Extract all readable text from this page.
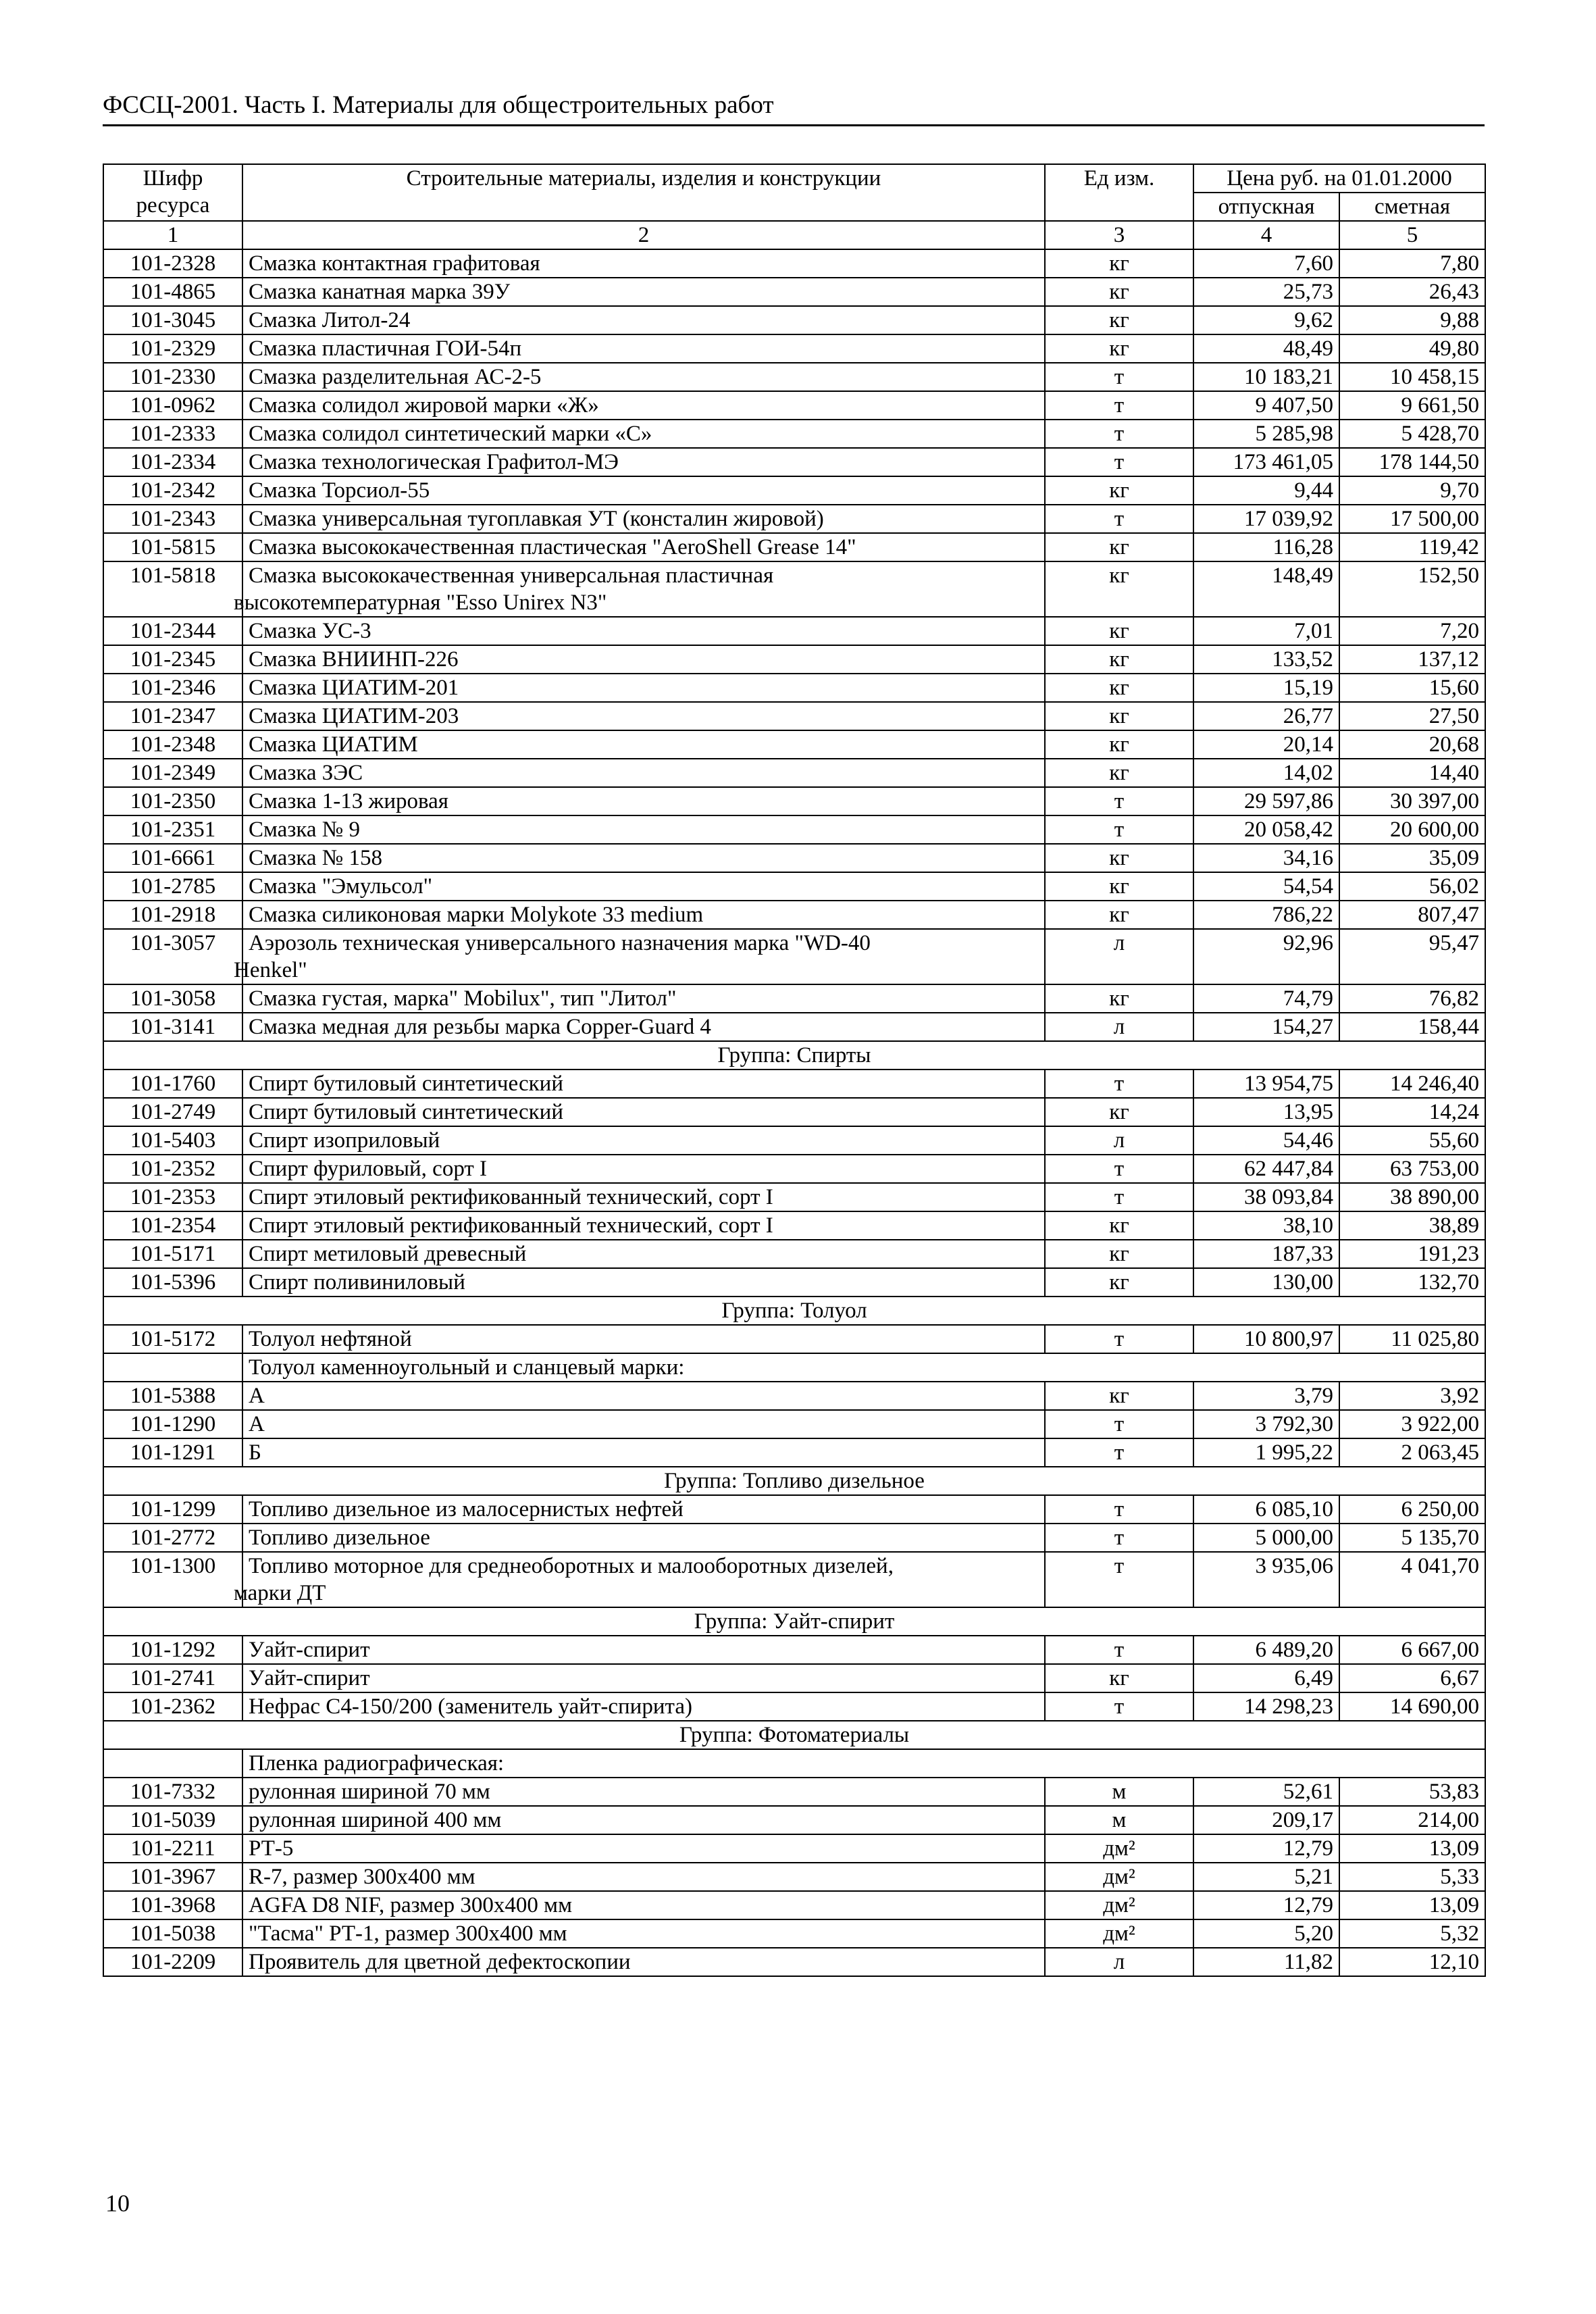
ФССЦ-2001. Часть I. Материалы для общестроительных работ
Шифр ресурса	Строительные материалы, изделия и конструкции	Ед изм.	Цена руб. на 01.01.2000	
			отпускная	сметная
1	2	3	4	5
101-2328	Смазка контактная графитовая	кг	7,60	7,80
101-4865	Смазка канатная марка 39У	кг	25,73	26,43
101-3045	Смазка Литол-24	кг	9,62	9,88
101-2329	Смазка пластичная ГОИ-54п	кг	48,49	49,80
101-2330	Смазка разделительная АС-2-5	т	10 183,21	10 458,15
101-0962	Смазка солидол жировой марки «Ж»	т	9 407,50	9 661,50
101-2333	Смазка солидол синтетический марки «С»	т	5 285,98	5 428,70
101-2334	Смазка технологическая Графитол-МЭ	т	173 461,05	178 144,50
101-2342	Смазка Торсиол-55	кг	9,44	9,70
101-2343	Смазка универсальная тугоплавкая УТ (консталин жировой)	т	17 039,92	17 500,00
101-5815	Смазка высококачественная пластическая "AeroShell Grease 14"	кг	116,28	119,42
101-5818	Смазка высококачественная универсальная пластичная
высокотемпературная "Esso Unirex N3"	кг	148,49	152,50
101-2344	Смазка УС-3	кг	7,01	7,20
101-2345	Смазка ВНИИНП-226	кг	133,52	137,12
101-2346	Смазка ЦИАТИМ-201	кг	15,19	15,60
101-2347	Смазка ЦИАТИМ-203	кг	26,77	27,50
101-2348	Смазка ЦИАТИМ	кг	20,14	20,68
101-2349	Смазка ЗЭС	кг	14,02	14,40
101-2350	Смазка 1-13 жировая	т	29 597,86	30 397,00
101-2351	Смазка № 9	т	20 058,42	20 600,00
101-6661	Смазка № 158	кг	34,16	35,09
101-2785	Смазка "Эмульсол"	кг	54,54	56,02
101-2918	Смазка силиконовая марки Molykote 33 medium	кг	786,22	807,47
101-3057	Аэрозоль техническая универсального назначения марка "WD-40
Henkel"	л	92,96	95,47
101-3058	Смазка густая, марка" Mobilux", тип "Литол"	кг	74,79	76,82
101-3141	Смазка медная для резьбы марка Copper-Guard 4	л	154,27	158,44
Группа: Спирты				
101-1760	Спирт бутиловый синтетический	т	13 954,75	14 246,40
101-2749	Спирт бутиловый синтетический	кг	13,95	14,24
101-5403	Спирт изоприловый	л	54,46	55,60
101-2352	Спирт фуриловый, сорт I	т	62 447,84	63 753,00
101-2353	Спирт этиловый ректификованный технический, сорт I	т	38 093,84	38 890,00
101-2354	Спирт этиловый ректификованный технический, сорт I	кг	38,10	38,89
101-5171	Спирт метиловый древесный	кг	187,33	191,23
101-5396	Спирт поливиниловый	кг	130,00	132,70
Группа: Толуол				
101-5172	Толуол нефтяной	т	10 800,97	11 025,80
	Толуол каменноугольный и сланцевый марки:			
101-5388	А	кг	3,79	3,92
101-1290	А	т	3 792,30	3 922,00
101-1291	Б	т	1 995,22	2 063,45
Группа: Топливо дизельное				
101-1299	Топливо дизельное из малосернистых нефтей	т	6 085,10	6 250,00
101-2772	Топливо дизельное	т	5 000,00	5 135,70
101-1300	Топливо моторное для среднеоборотных и малооборотных дизелей,
марки ДТ	т	3 935,06	4 041,70
Группа: Уайт-спирит				
101-1292	Уайт-спирит	т	6 489,20	6 667,00
101-2741	Уайт-спирит	кг	6,49	6,67
101-2362	Нефрас С4-150/200 (заменитель уайт-спирита)	т	14 298,23	14 690,00
Группа: Фотоматериалы				
	Пленка радиографическая:			
101-7332	рулонная шириной 70 мм	м	52,61	53,83
101-5039	рулонная шириной 400 мм	м	209,17	214,00
101-2211	РТ-5	дм²	12,79	13,09
101-3967	R-7, размер 300x400 мм	дм²	5,21	5,33
101-3968	AGFA D8 NIF, размер 300x400 мм	дм²	12,79	13,09
101-5038	"Тасма" РТ-1, размер 300x400 мм	дм²	5,20	5,32
101-2209	Проявитель для цветной дефектоскопии	л	11,82	12,10
10
